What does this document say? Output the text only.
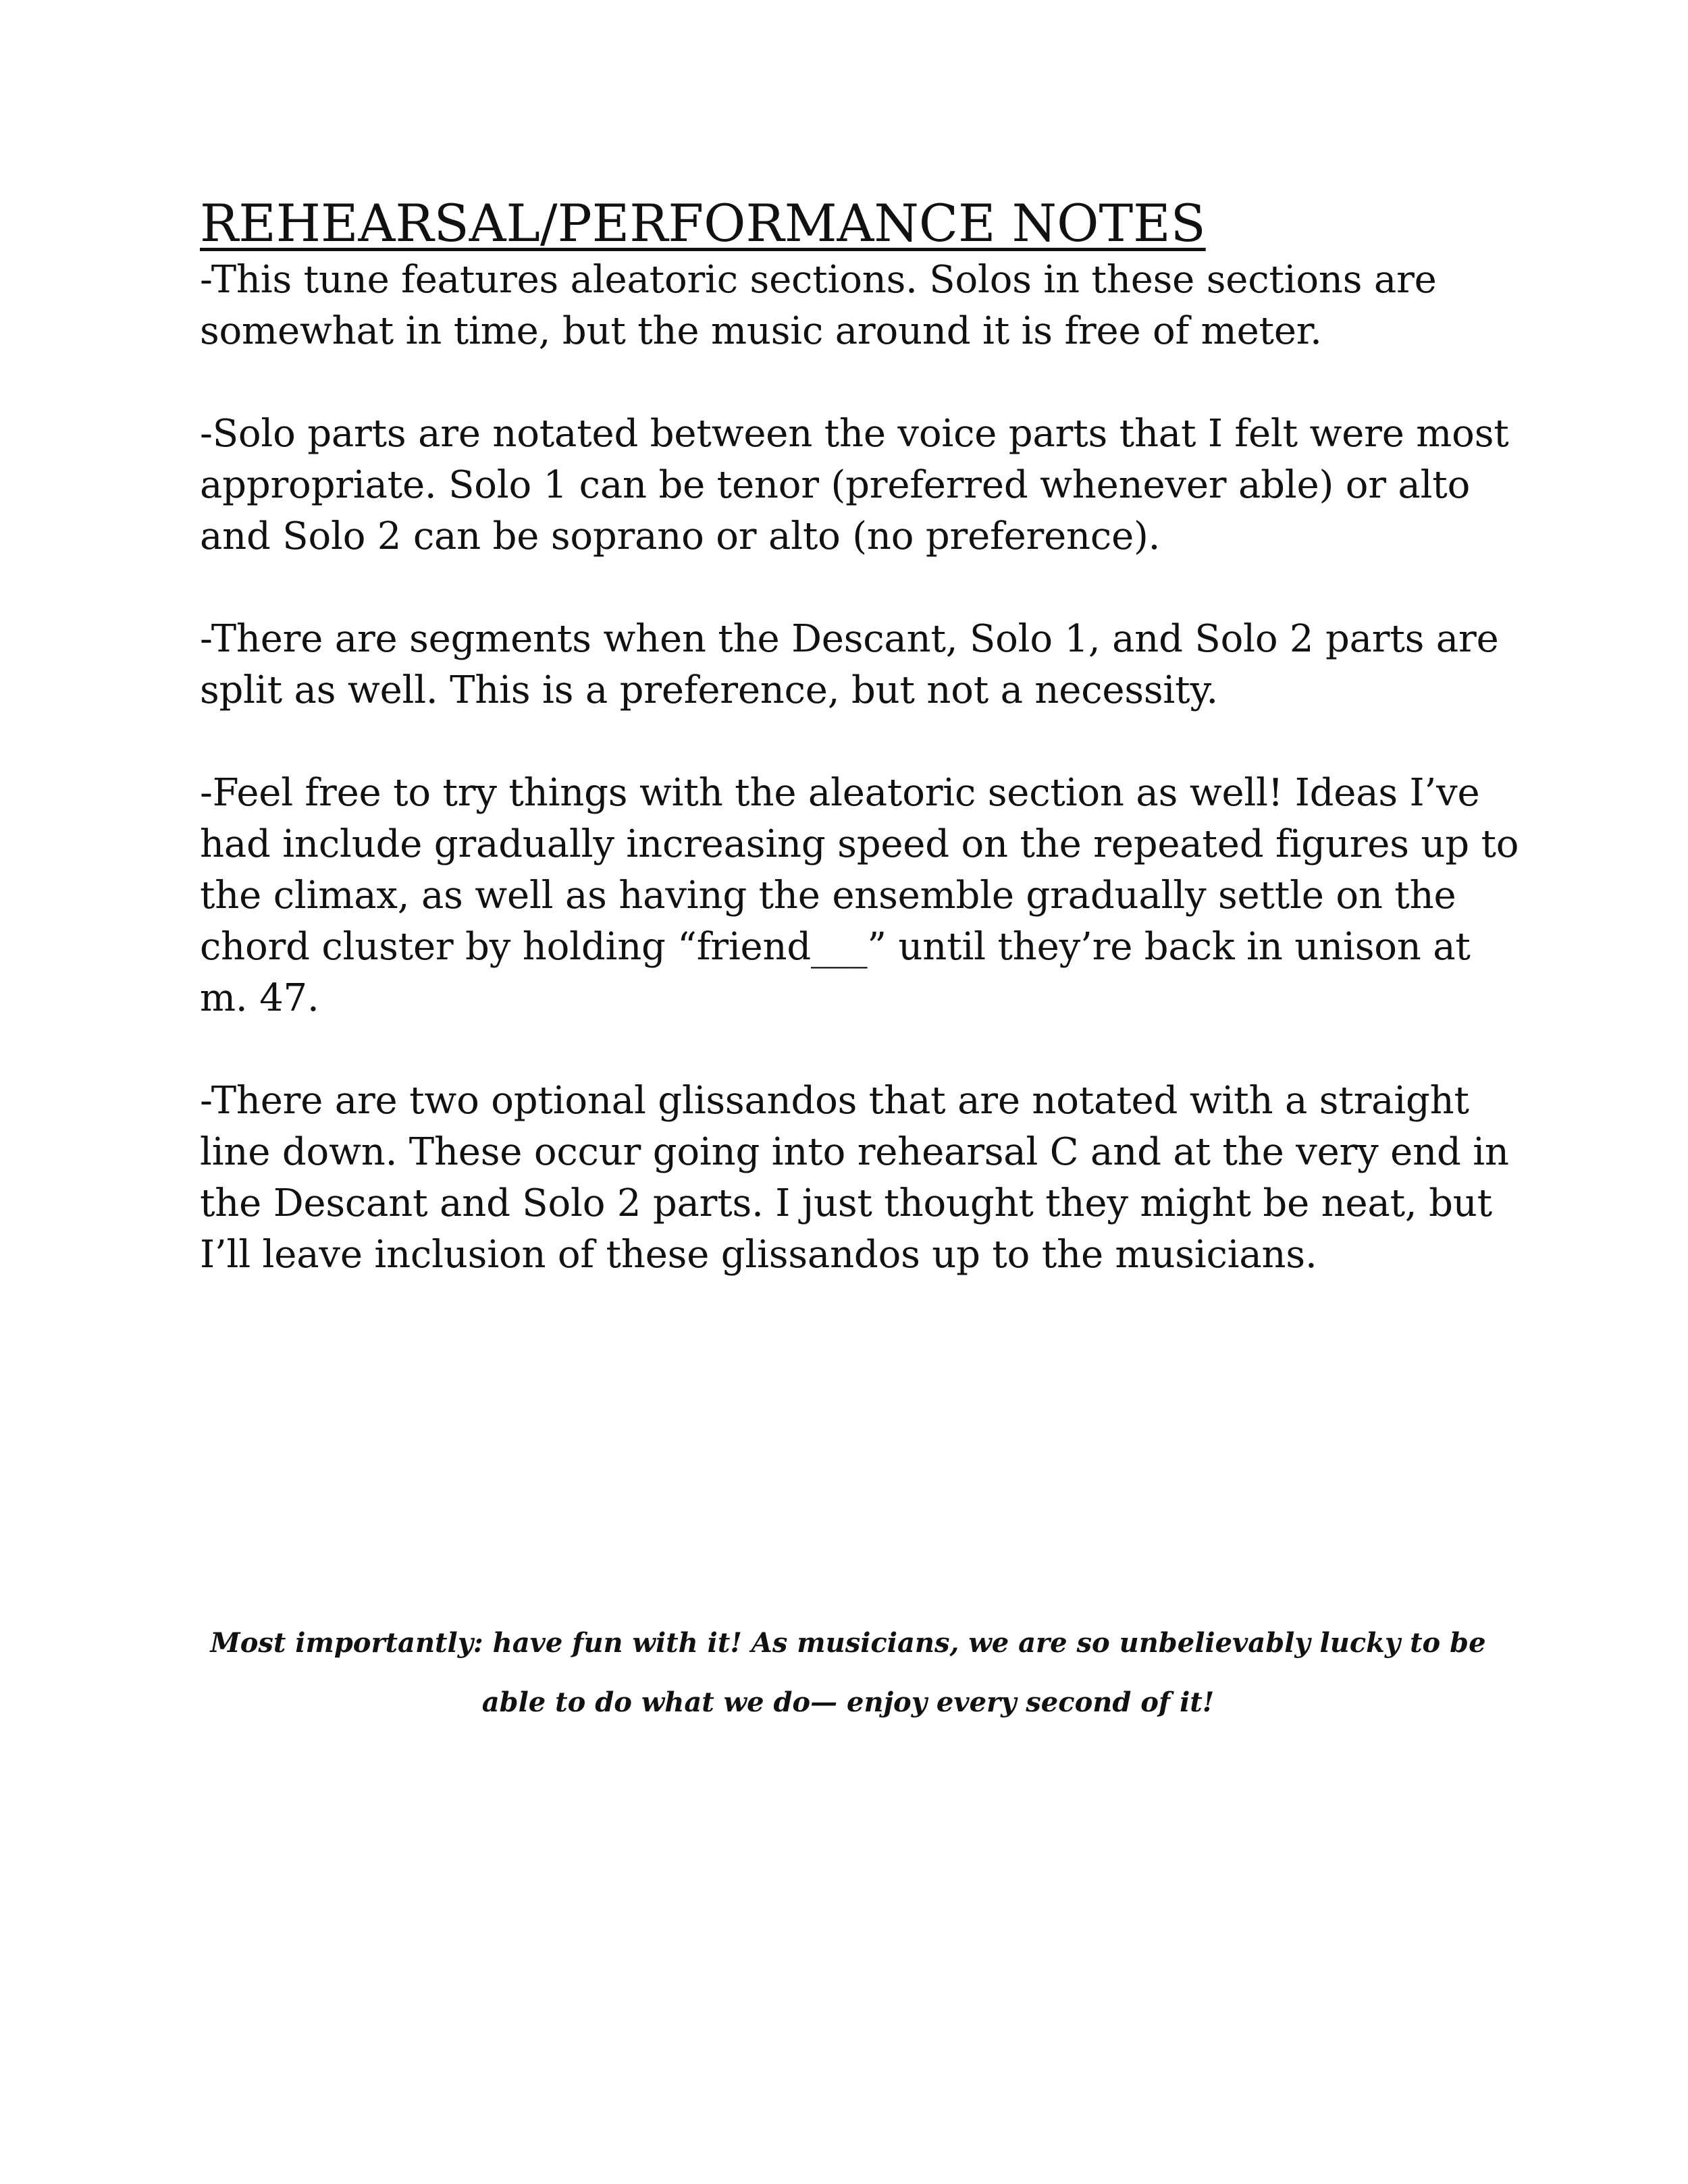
REHEARSAL/PERFORMANCE NOTES

-This tune features aleatoric sections. Solos in these sections are somewhat in time, but the music around it is free of meter.

-Solo parts are notated between the voice parts that I felt were most appropriate. Solo 1 can be tenor (preferred whenever able) or alto and Solo 2 can be soprano or alto (no preference).

-There are segments when the Descant, Solo 1, and Solo 2 parts are split as well. This is a preference, but not a necessity.

-Feel free to try things with the aleatoric section as well! Ideas I’ve had include gradually increasing speed on the repeated figures up to the climax, as well as having the ensemble gradually settle on the chord cluster by holding “friend___” until they’re back in unison at m. 47.

-There are two optional glissandos that are notated with a straight line down. These occur going into rehearsal C and at the very end in the Descant and Solo 2 parts. I just thought they might be neat, but I’ll leave inclusion of these glissandos up to the musicians.

Most importantly: have fun with it! As musicians, we are so unbelievably lucky to be able to do what we do— enjoy every second of it!
